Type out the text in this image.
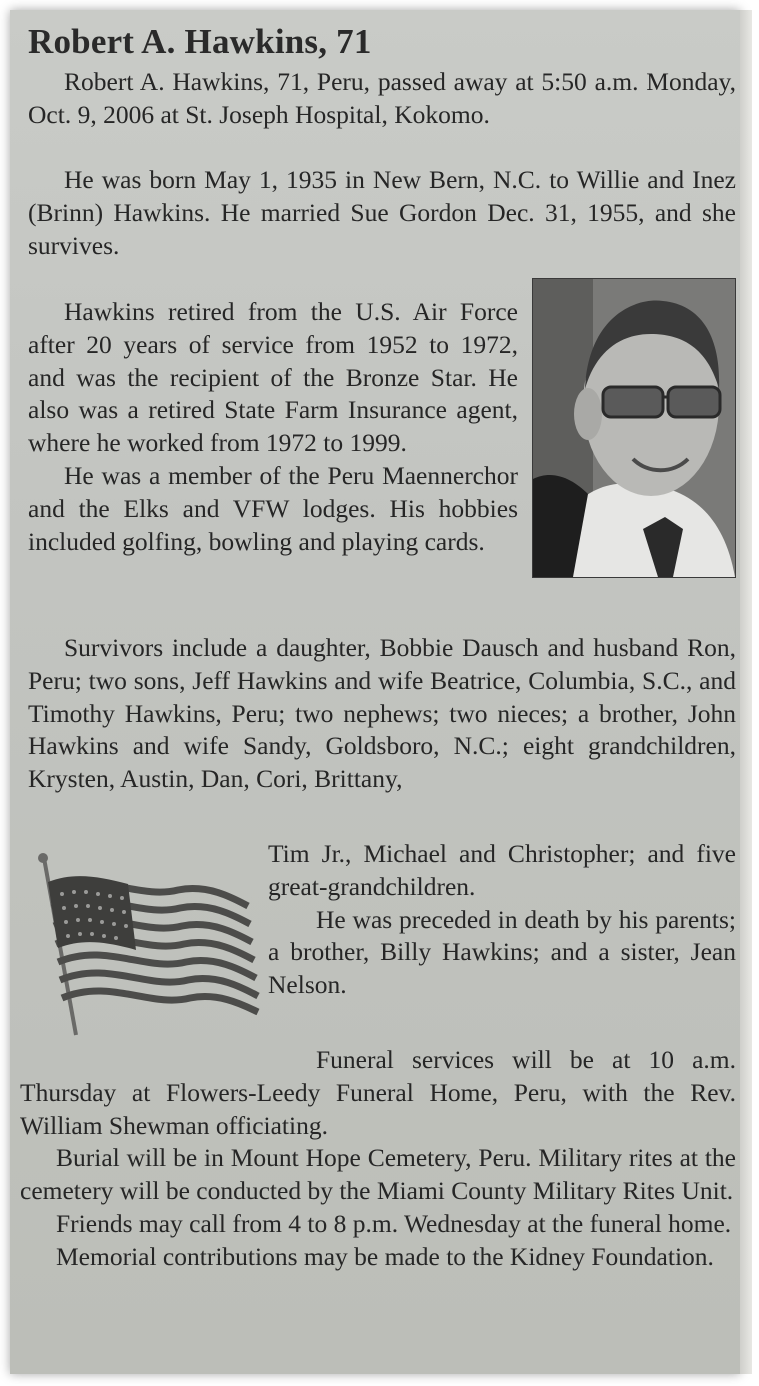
Robert A. Hawkins, 71

Robert A. Hawkins, 71, Peru, passed away at 5:50 a.m. Monday, Oct. 9, 2006 at St. Joseph Hospital, Kokomo.

He was born May 1, 1935 in New Bern, N.C. to Willie and Inez (Brinn) Hawkins. He married Sue Gordon Dec. 31, 1955, and she survives.

Hawkins retired from the U.S. Air Force after 20 years of service from 1952 to 1972, and was the recipient of the Bronze Star. He also was a retired State Farm Insurance agent, where he worked from 1972 to 1999.

He was a member of the Peru Maennerchor and the Elks and VFW lodges. His hobbies included golfing, bowling and playing cards.

Survivors include a daughter, Bobbie Dausch and husband Ron, Peru; two sons, Jeff Hawkins and wife Beatrice, Columbia, S.C., and Timothy Hawkins, Peru; two nephews; two nieces; a brother, John Hawkins and wife Sandy, Goldsboro, N.C.; eight grandchildren, Krysten, Austin, Dan, Cori, Brittany,

Tim Jr., Michael and Christopher; and five great-grandchildren.

He was preceded in death by his parents; a brother, Billy Hawkins; and a sister, Jean Nelson.

Funeral services will be at 10 a.m. Thursday at Flowers-Leedy Funeral Home, Peru, with the Rev. William Shewman officiating.

Burial will be in Mount Hope Cemetery, Peru. Military rites at the cemetery will be conducted by the Miami County Military Rites Unit.

Friends may call from 4 to 8 p.m. Wednesday at the funeral home.

Memorial contributions may be made to the Kidney Foundation.
